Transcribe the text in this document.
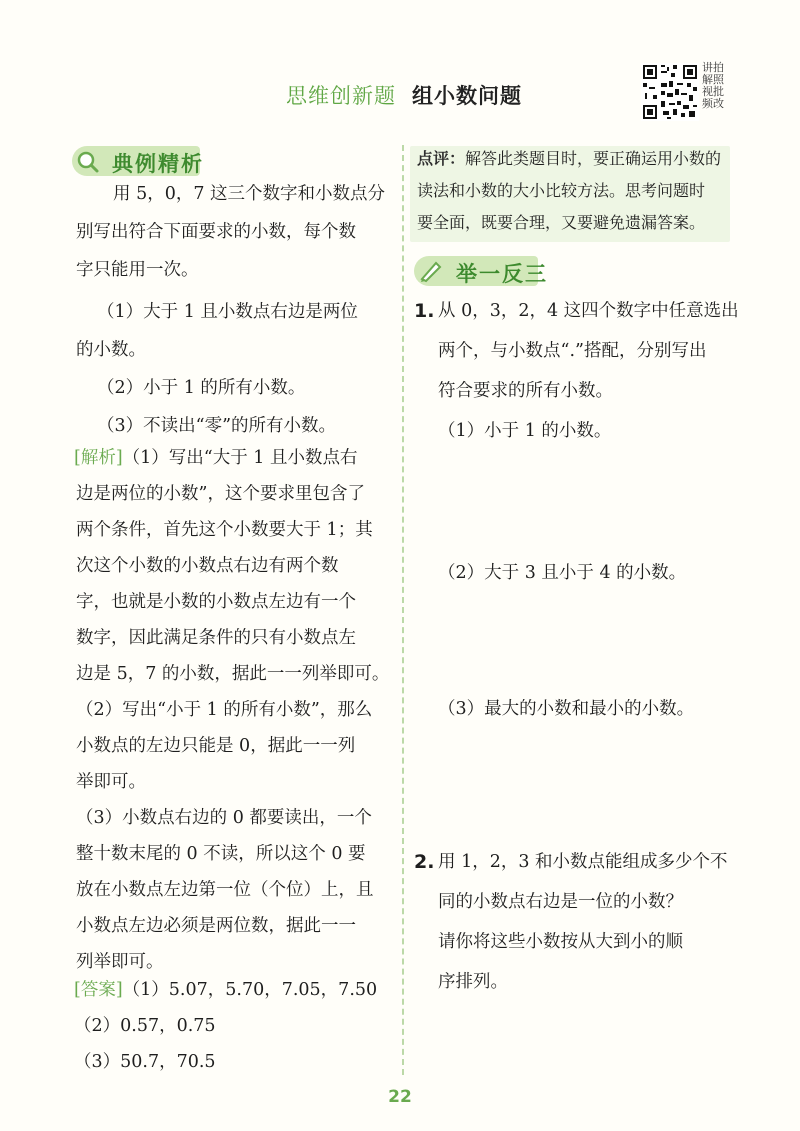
思维创新题 组小数问题
讲 拍
解 照
视 批
频 改
典例精析
用 5，0，7 这三个数字和小数点分
别写出符合下面要求的小数，每个数
字只能用一次。
（1）大于 1 且小数点右边是两位
的小数。
（2）小于 1 的所有小数。
（3）不读出“零”的所有小数。
[解析]（1）写出“大于 1 且小数点右
边是两位的小数”，这个要求里包含了
两个条件，首先这个小数要大于 1；其
次这个小数的小数点右边有两个数
字，也就是小数的小数点左边有一个
数字，因此满足条件的只有小数点左
边是 5，7 的小数，据此一一列举即可。
（2）写出“小于 1 的所有小数”，那么
小数点的左边只能是 0，据此一一列
举即可。
（3）小数点右边的 0 都要读出，一个
整十数末尾的 0 不读，所以这个 0 要
放在小数点左边第一位（个位）上，且
小数点左边必须是两位数，据此一一
列举即可。
点评：解答此类题目时，要正确运用小数的
读法和小数的大小比较方法。思考问题时
要全面，既要合理，又要避免遗漏答案。
举一反三
1. 从 0，3，2，4 这四个数字中任意选出
两个，与小数点“.”搭配，分别写出
符合要求的所有小数。
（1）小于 1 的小数。
（2）大于 3 且小于 4 的小数。
（3）最大的小数和最小的小数。
2. 用 1，2，3 和小数点能组成多少个不
同的小数点右边是一位的小数？
请你将这些小数按从大到小的顺
序排列。
22
[答案]（1）5.07，5.70，7.05，7.50
（2）0.57，0.75
（3）50.7，70.5
